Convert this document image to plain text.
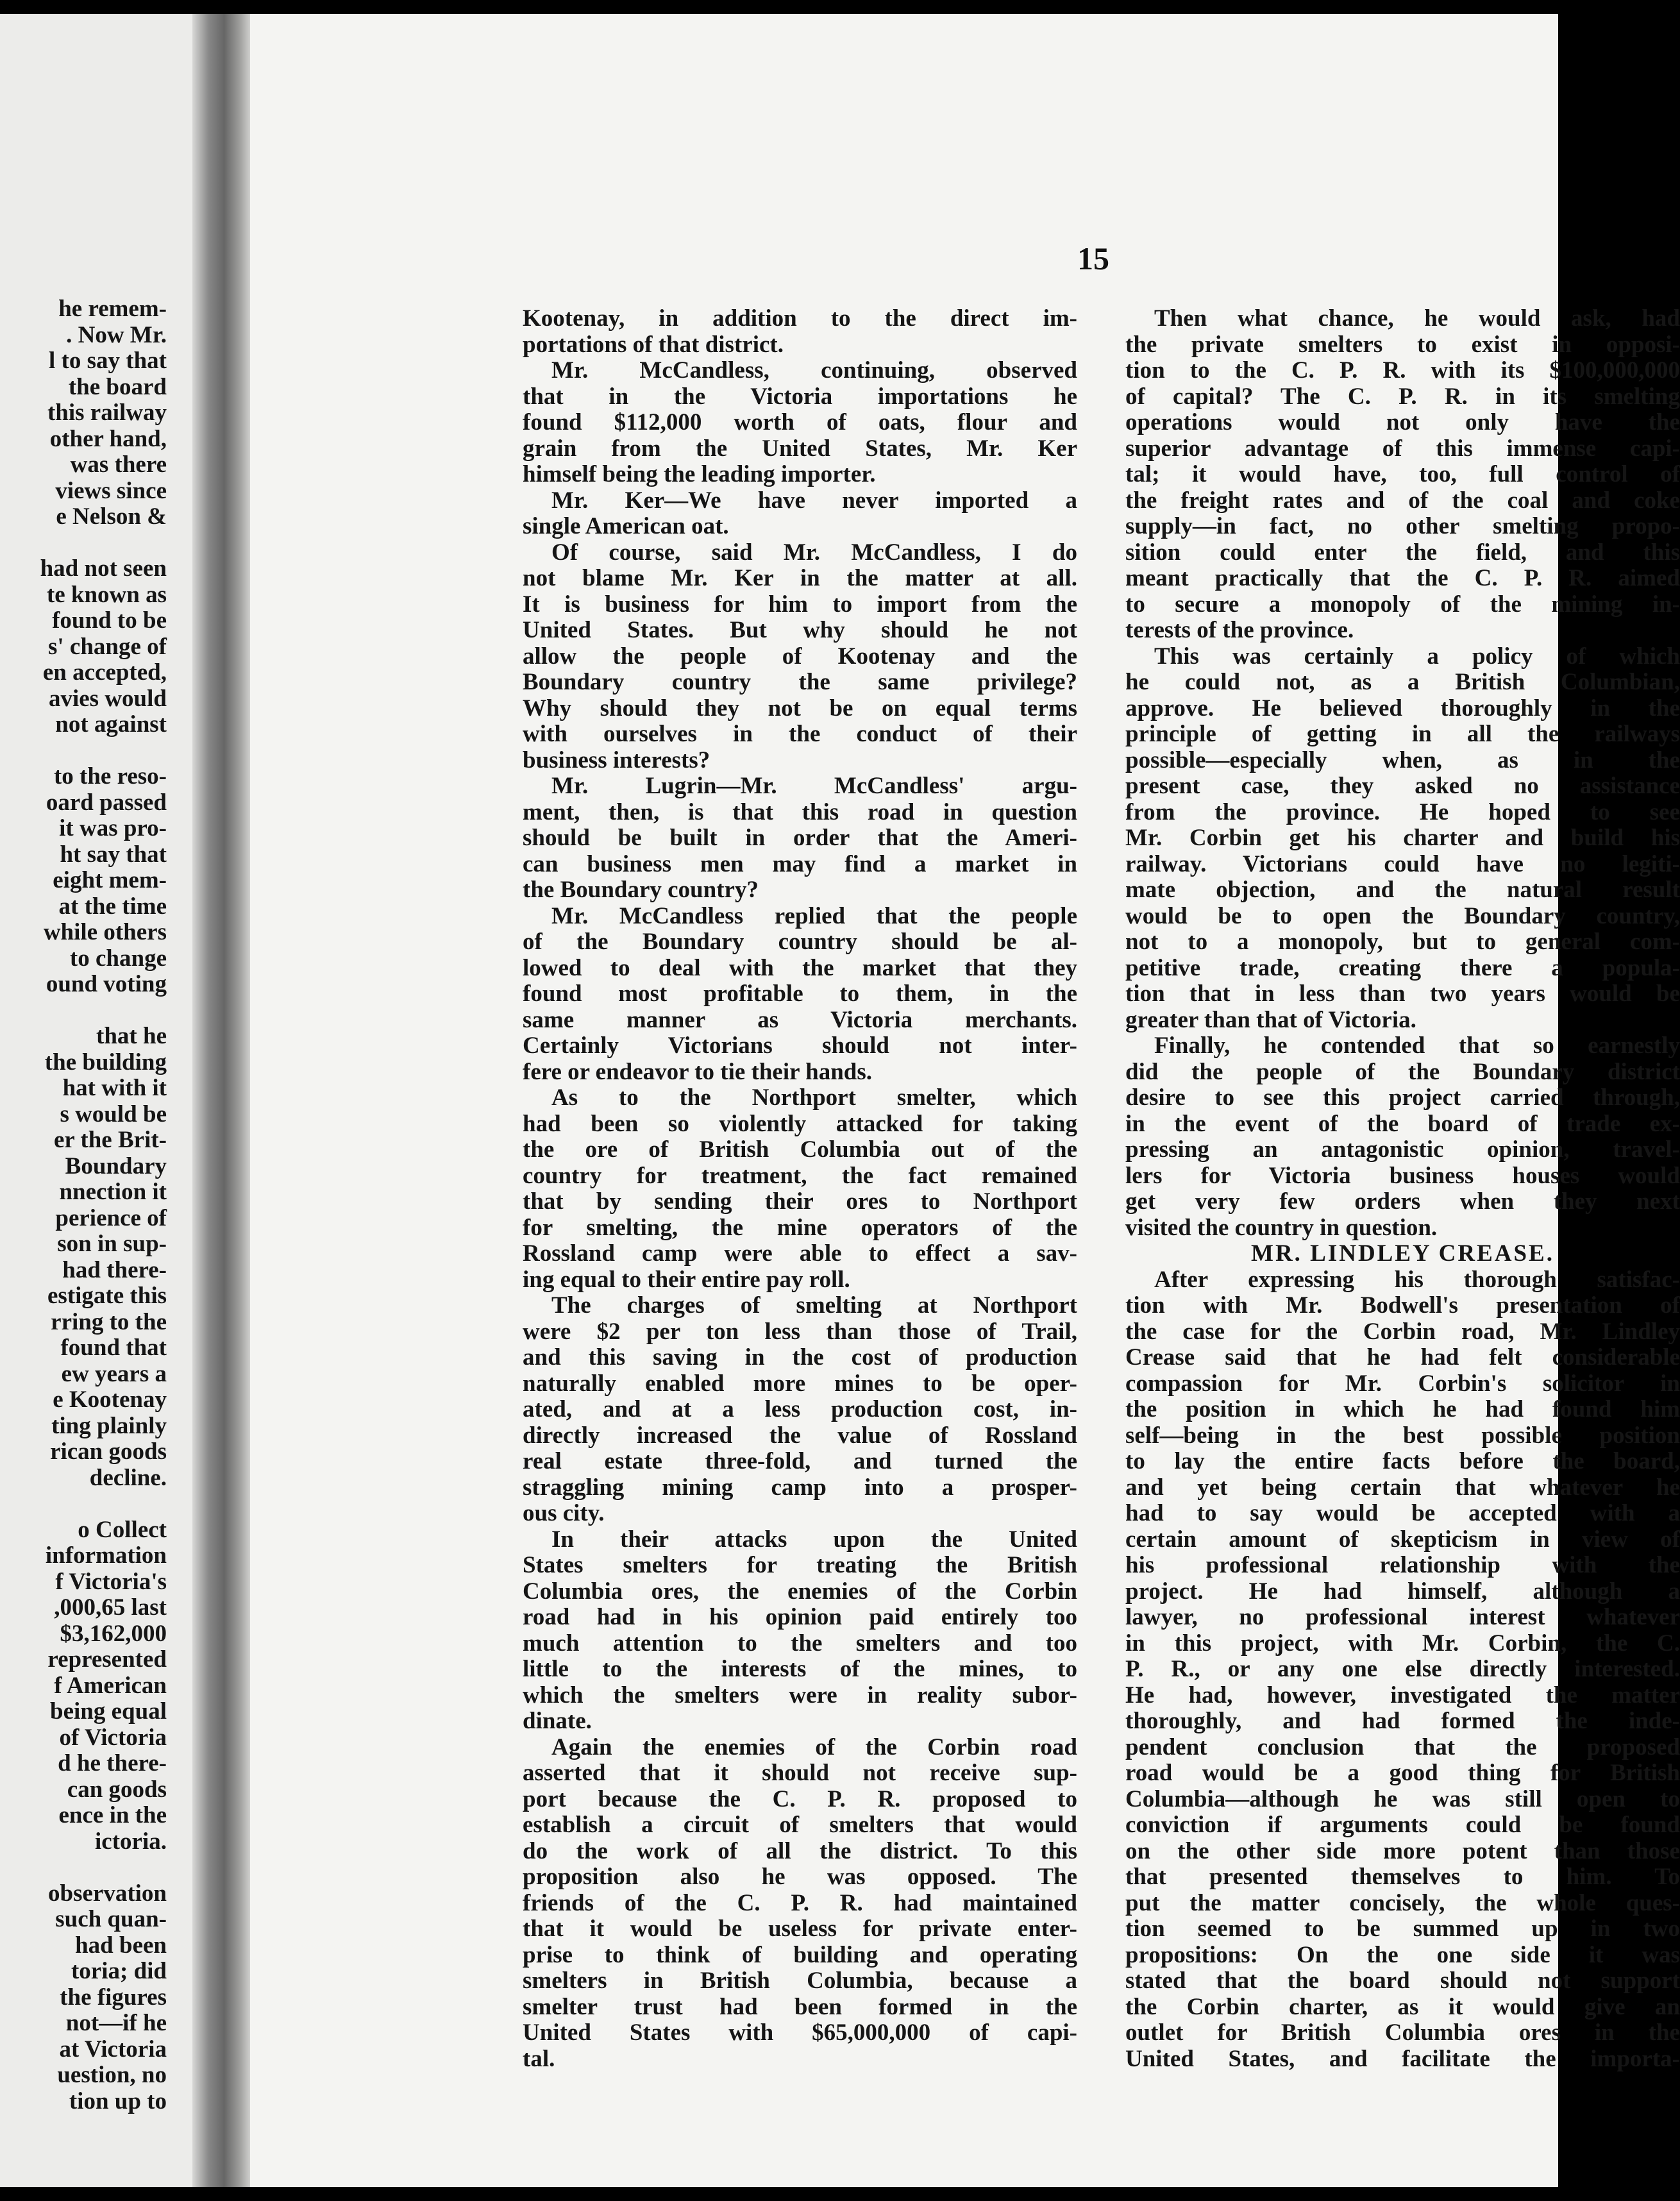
he remem-
. Now Mr.
l to say that
the board
this railway
other hand,
was there
views since
e Nelson &

had not seen
te known as
found to be
s' change of
en accepted,
avies would
not against

to the reso-
oard passed
it was pro-
ht say that
eight mem-
at the time
while others
to change
ound voting

that he
the building
hat with it
s would be
er the Brit-
Boundary
nnection it
perience of
son in sup-
had there-
estigate this
rring to the
found that
ew years a
e Kootenay
ting plainly
rican goods
decline.

o Collect
information
f Victoria's
,000,65 last
$3,162,000
represented
f American
being equal
of Victoria
d he there-
can goods
ence in the
ictoria.

observation
such quan-
had been
toria; did
the figures
not—if he
at Victoria
uestion, no
tion up to
15
Kootenay, in addition to the direct im-
portations of that district.
Mr. McCandless, continuing, observed
that in the Victoria importations he
found $112,000 worth of oats, flour and
grain from the United States, Mr. Ker
himself being the leading importer.
Mr. Ker—We have never imported a
single American oat.
Of course, said Mr. McCandless, I do
not blame Mr. Ker in the matter at all.
It is business for him to import from the
United States. But why should he not
allow the people of Kootenay and the
Boundary country the same privilege?
Why should they not be on equal terms
with ourselves in the conduct of their
business interests?
Mr. Lugrin—Mr. McCandless' argu-
ment, then, is that this road in question
should be built in order that the Ameri-
can business men may find a market in
the Boundary country?
Mr. McCandless replied that the people
of the Boundary country should be al-
lowed to deal with the market that they
found most profitable to them, in the
same manner as Victoria merchants.
Certainly Victorians should not inter-
fere or endeavor to tie their hands.
As to the Northport smelter, which
had been so violently attacked for taking
the ore of British Columbia out of the
country for treatment, the fact remained
that by sending their ores to Northport
for smelting, the mine operators of the
Rossland camp were able to effect a sav-
ing equal to their entire pay roll.
The charges of smelting at Northport
were $2 per ton less than those of Trail,
and this saving in the cost of production
naturally enabled more mines to be oper-
ated, and at a less production cost, in-
directly increased the value of Rossland
real estate three-fold, and turned the
straggling mining camp into a prosper-
ous city.
In their attacks upon the United
States smelters for treating the British
Columbia ores, the enemies of the Corbin
road had in his opinion paid entirely too
much attention to the smelters and too
little to the interests of the mines, to
which the smelters were in reality subor-
dinate.
Again the enemies of the Corbin road
asserted that it should not receive sup-
port because the C. P. R. proposed to
establish a circuit of smelters that would
do the work of all the district. To this
proposition also he was opposed. The
friends of the C. P. R. had maintained
that it would be useless for private enter-
prise to think of building and operating
smelters in British Columbia, because a
smelter trust had been formed in the
United States with $65,000,000 of capi-
tal.
Then what chance, he would ask, had
the private smelters to exist in opposi-
tion to the C. P. R. with its $100,000,000
of capital? The C. P. R. in its smelting
operations would not only have the
superior advantage of this immense capi-
tal; it would have, too, full control of
the freight rates and of the coal and coke
supply—in fact, no other smelting propo-
sition could enter the field, and this
meant practically that the C. P. R. aimed
to secure a monopoly of the mining in-
terests of the province.
This was certainly a policy of which
he could not, as a British Columbian,
approve. He believed thoroughly in the
principle of getting in all the railways
possible—especially when, as in the
present case, they asked no assistance
from the province. He hoped to see
Mr. Corbin get his charter and build his
railway. Victorians could have no legiti-
mate objection, and the natural result
would be to open the Boundary country,
not to a monopoly, but to general com-
petitive trade, creating there a popula-
tion that in less than two years would be
greater than that of Victoria.
Finally, he contended that so earnestly
did the people of the Boundary district
desire to see this project carried through,
in the event of the board of trade ex-
pressing an antagonistic opinion, travel-
lers for Victoria business houses would
get very few orders when they next
visited the country in question.
MR. LINDLEY CREASE.
After expressing his thorough satisfac-
tion with Mr. Bodwell's presentation of
the case for the Corbin road, Mr. Lindley
Crease said that he had felt considerable
compassion for Mr. Corbin's solicitor in
the position in which he had found him
self—being in the best possible position
to lay the entire facts before the board,
and yet being certain that whatever he
had to say would be accepted with a
certain amount of skepticism in view of
his professional relationship with the
project. He had himself, although a
lawyer, no professional interest whatever
in this project, with Mr. Corbin, the C.
P. R., or any one else directly interested.
He had, however, investigated the matter
thoroughly, and had formed the inde-
pendent conclusion that the proposed
road would be a good thing for British
Columbia—although he was still open to
conviction if arguments could be found
on the other side more potent than those
that presented themselves to him. To
put the matter concisely, the whole ques-
tion seemed to be summed up in two
propositions: On the one side it was
stated that the board should not support
the Corbin charter, as it would give an
outlet for British Columbia ores in the
United States, and facilitate the importa-
